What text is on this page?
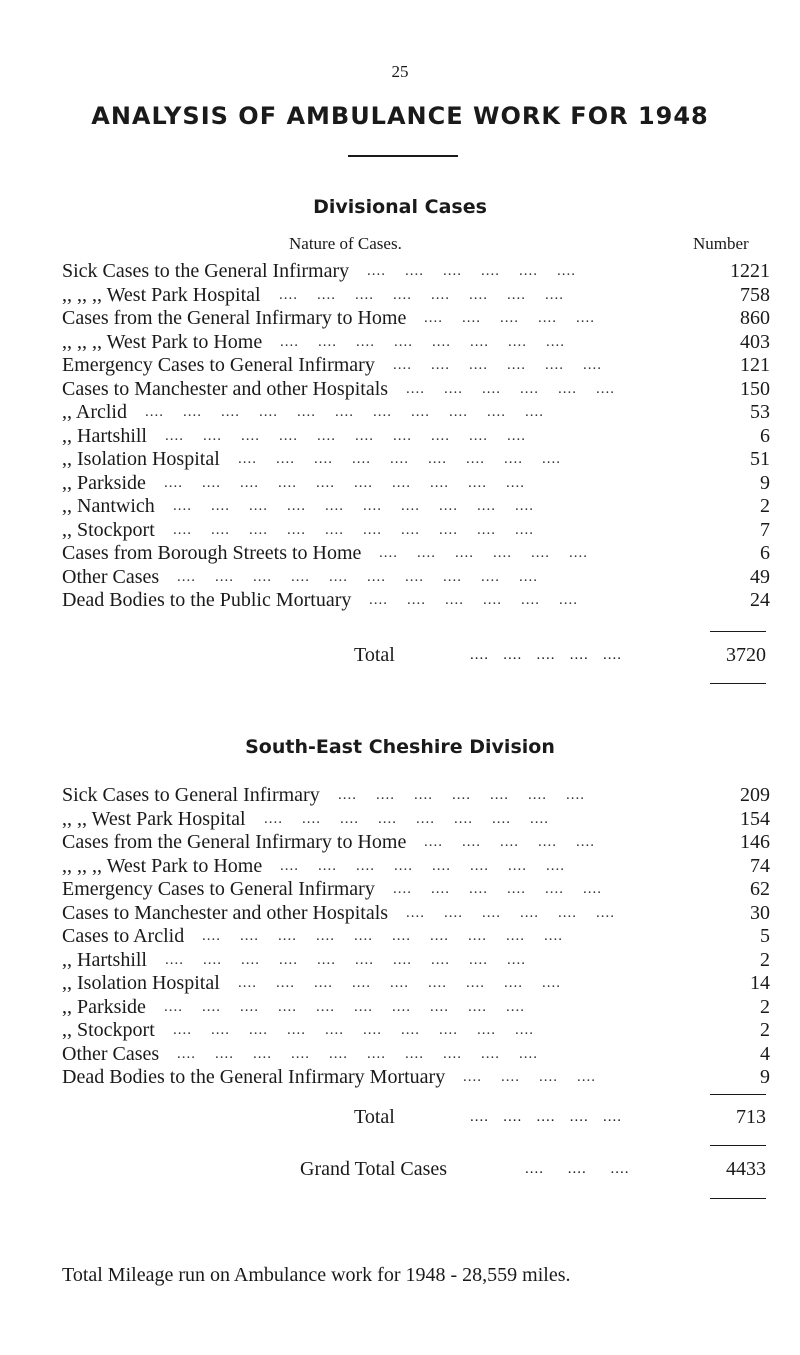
25
ANALYSIS OF AMBULANCE WORK FOR 1948
Divisional Cases
Nature of Cases.	Number
Sick Cases to the General Infirmary ....    ....    ....    ....    ....    ....	1221
,, ,, ,, West Park Hospital ....    ....    ....    ....    ....    ....    ....    ....	758
Cases from the General Infirmary to Home ....    ....    ....    ....    ....	860
,, ,, ,, West Park to Home ....    ....    ....    ....    ....    ....    ....    ....	403
Emergency Cases to General Infirmary ....    ....    ....    ....    ....    ....	121
Cases to Manchester and other Hospitals ....    ....    ....    ....    ....    ....	150
,, Arclid ....    ....    ....    ....    ....    ....    ....    ....    ....    ....    ....	53
,, Hartshill ....    ....    ....    ....    ....    ....    ....    ....    ....    ....	6
,, Isolation Hospital ....    ....    ....    ....    ....    ....    ....    ....    ....	51
,, Parkside ....    ....    ....    ....    ....    ....    ....    ....    ....    ....	9
,, Nantwich ....    ....    ....    ....    ....    ....    ....    ....    ....    ....	2
,, Stockport ....    ....    ....    ....    ....    ....    ....    ....    ....    ....	7
Cases from Borough Streets to Home ....    ....    ....    ....    ....    ....	6
Other Cases ....    ....    ....    ....    ....    ....    ....    ....    ....    ....	49
Dead Bodies to the Public Mortuary ....    ....    ....    ....    ....    ....	24
Total	....   ....   ....   ....   ....	3720
South-East Cheshire Division
Sick Cases to General Infirmary ....    ....    ....    ....    ....    ....    ....	209
,, ,, West Park Hospital ....    ....    ....    ....    ....    ....    ....    ....	154
Cases from the General Infirmary to Home ....    ....    ....    ....    ....	146
,, ,, ,, West Park to Home ....    ....    ....    ....    ....    ....    ....    ....	74
Emergency Cases to General Infirmary ....    ....    ....    ....    ....    ....	62
Cases to Manchester and other Hospitals ....    ....    ....    ....    ....    ....	30
Cases to Arclid ....    ....    ....    ....    ....    ....    ....    ....    ....    ....	5
,, Hartshill ....    ....    ....    ....    ....    ....    ....    ....    ....    ....	2
,, Isolation Hospital ....    ....    ....    ....    ....    ....    ....    ....    ....	14
,, Parkside ....    ....    ....    ....    ....    ....    ....    ....    ....    ....	2
,, Stockport ....    ....    ....    ....    ....    ....    ....    ....    ....    ....	2
Other Cases ....    ....    ....    ....    ....    ....    ....    ....    ....    ....	4
Dead Bodies to the General Infirmary Mortuary ....    ....    ....    ....	9
Total	....   ....   ....   ....   ....	713
Grand Total Cases	....     ....     ....	4433
Total Mileage run on Ambulance work for 1948 - 28,559 miles.
